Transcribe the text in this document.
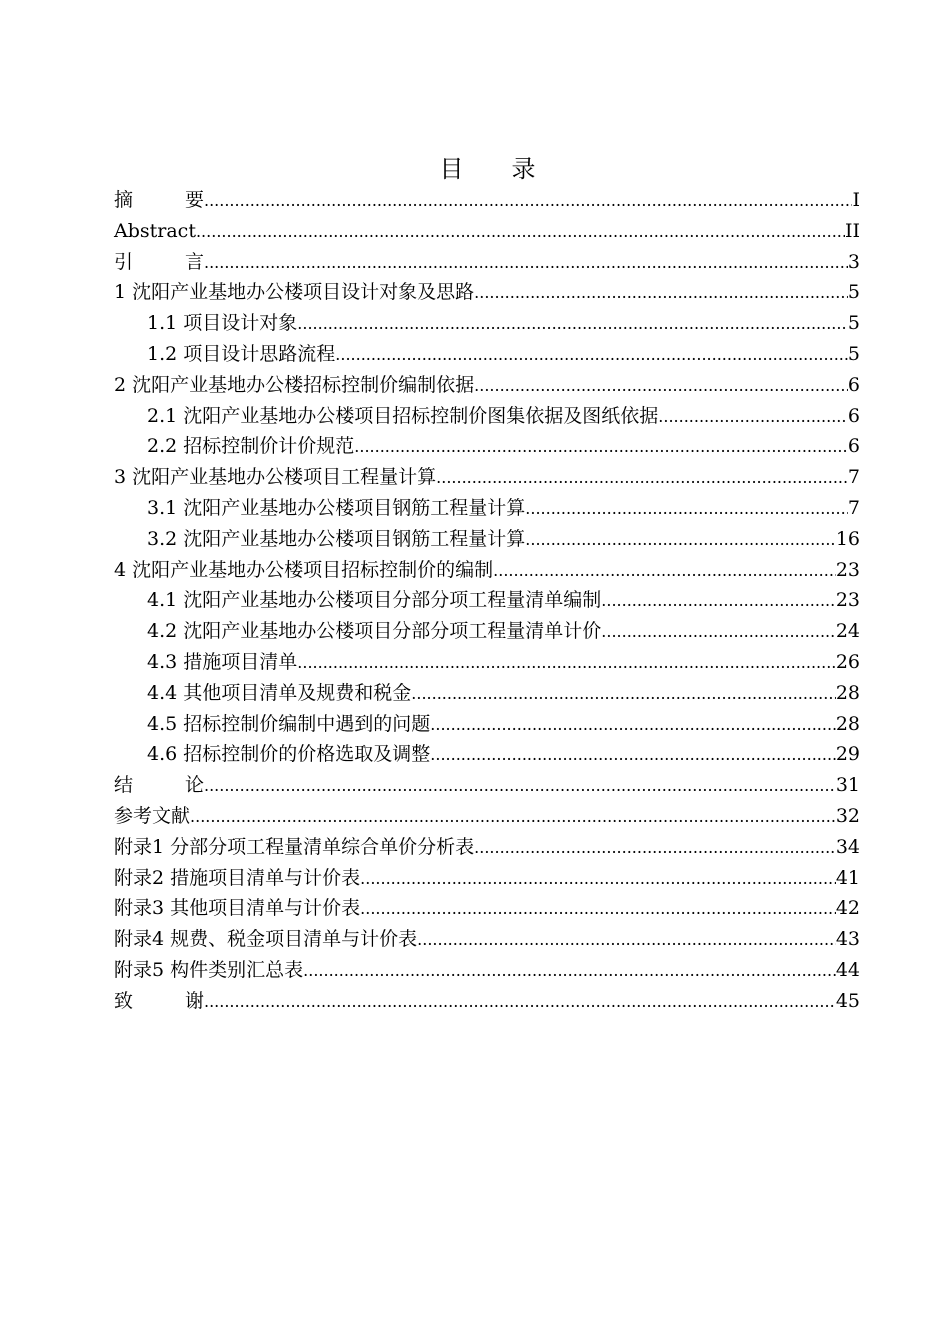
目　　录
摘	要 .....	I
Abstract .....	II
引	言 .....	3
1 沈阳产业基地办公楼项目设计对象及思路 .....	5
1.1 项目设计对象 .....	5
1.2 项目设计思路流程 .....	5
2 沈阳产业基地办公楼招标控制价编制依据 .....	6
2.1 沈阳产业基地办公楼项目招标控制价图集依据及图纸依据 .....	6
2.2 招标控制价计价规范 .....	6
3 沈阳产业基地办公楼项目工程量计算 .....	7
3.1 沈阳产业基地办公楼项目钢筋工程量计算 .....	7
3.2 沈阳产业基地办公楼项目钢筋工程量计算 .....	16
4 沈阳产业基地办公楼项目招标控制价的编制 .....	23
4.1 沈阳产业基地办公楼项目分部分项工程量清单编制 .....	23
4.2 沈阳产业基地办公楼项目分部分项工程量清单计价 .....	24
4.3 措施项目清单 .....	26
4.4 其他项目清单及规费和税金 .....	28
4.5 招标控制价编制中遇到的问题 .....	28
4.6 招标控制价的价格选取及调整 .....	29
结	论 .....	31
参考文献 .....	32
附录1 分部分项工程量清单综合单价分析表 .....	34
附录2 措施项目清单与计价表 .....	41
附录3 其他项目清单与计价表 .....	42
附录4 规费、税金项目清单与计价表 .....	43
附录5 构件类别汇总表 .....	44
致	谢 .....	45
